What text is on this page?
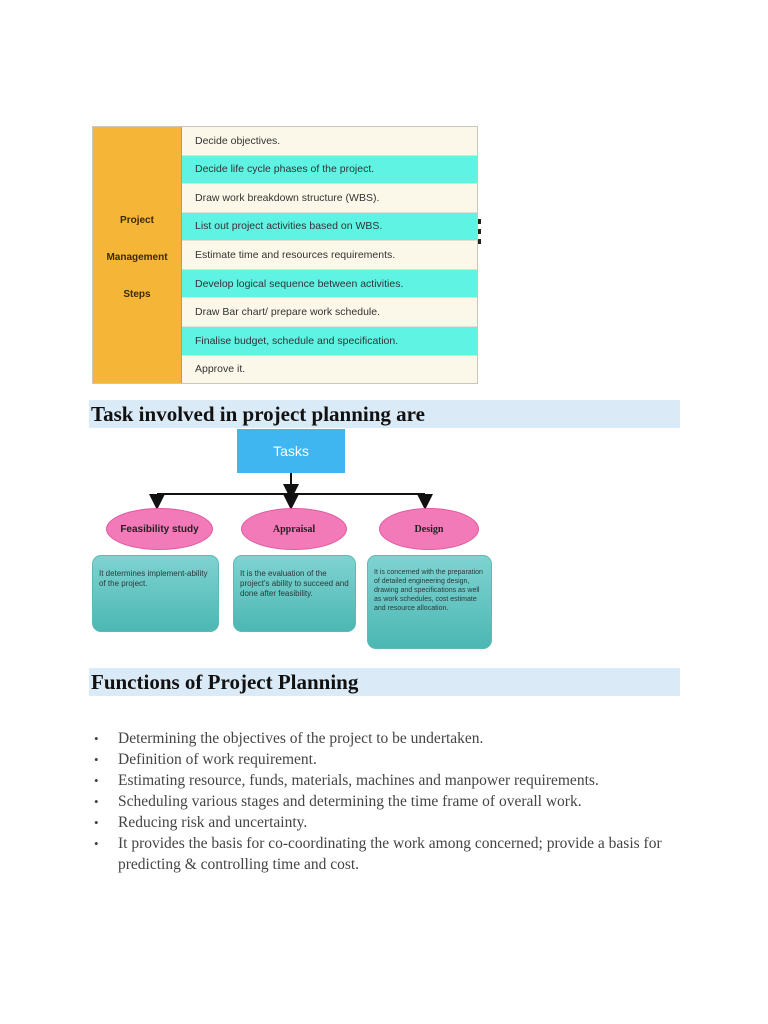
Project
Management
Steps
Decide objectives.
Decide life cycle phases of the project.
Draw work breakdown structure (WBS).
List out project activities based on WBS.
Estimate time and resources requirements.
Develop logical sequence between activities.
Draw Bar chart/ prepare work schedule.
Finalise budget, schedule and specification.
Approve it.
Task involved in project planning are
Tasks
Feasibility study	Appraisal	Design
It determines implement-ability of the project.
It is the evaluation of the project's ability to succeed and done after feasibility.
It is concerned with the preparation of detailed engineering design, drawing and specifications as well as work schedules, cost estimate and resource allocation.
Functions of Project Planning
• Determining the objectives of the project to be undertaken.
• Definition of work requirement.
• Estimating resource, funds, materials, machines and manpower requirements.
• Scheduling various stages and determining the time frame of overall work.
• Reducing risk and uncertainty.
• It provides the basis for co-coordinating the work among concerned; provide a basis for predicting & controlling time and cost.
